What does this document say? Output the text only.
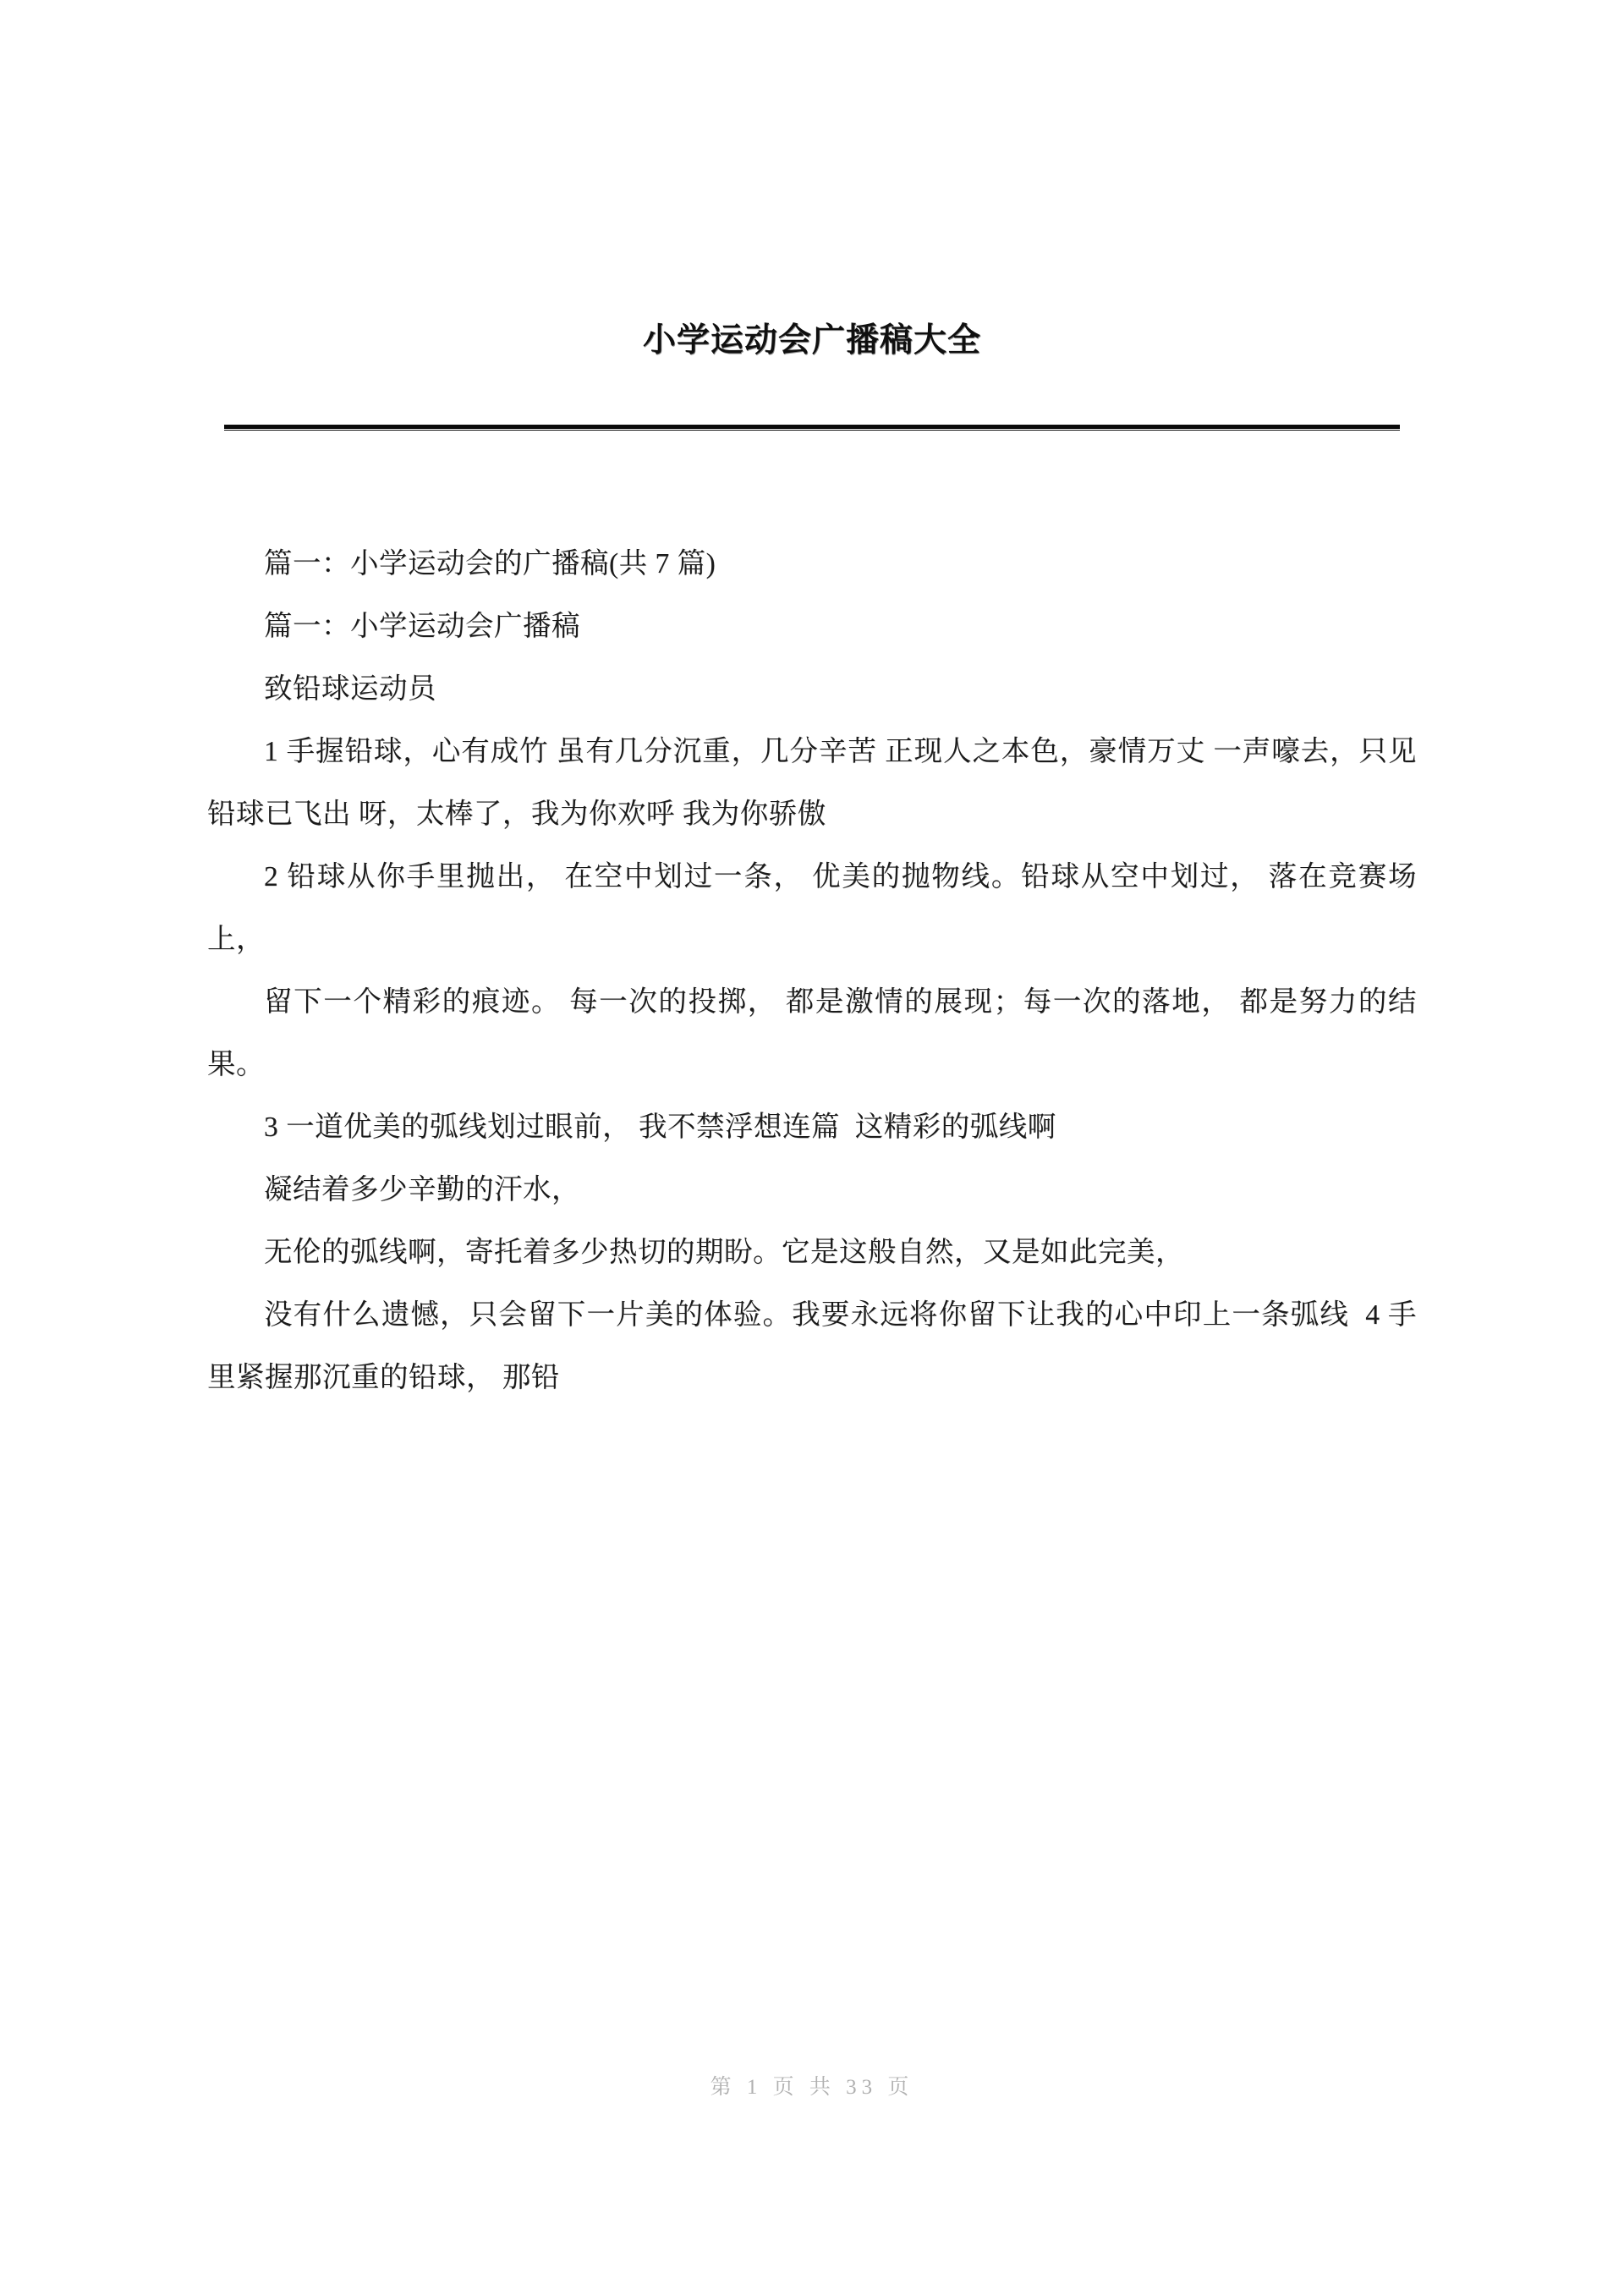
小学运动会广播稿大全

篇一：小学运动会的广播稿(共 7 篇)

篇一：小学运动会广播稿

致铅球运动员

1 手握铅球，心有成竹 虽有几分沉重，几分辛苦 正现人之本色，豪情万丈 一声嚎去，只见铅球已飞出 呀，太棒了，我为你欢呼 我为你骄傲

2 铅球从你手里抛出， 在空中划过一条， 优美的抛物线。铅球从空中划过， 落在竞赛场上，

留下一个精彩的痕迹。 每一次的投掷， 都是激情的展现；每一次的落地， 都是努力的结果。

3 一道优美的弧线划过眼前， 我不禁浮想连篇  这精彩的弧线啊

凝结着多少辛勤的汗水，

无伦的弧线啊，寄托着多少热切的期盼。它是这般自然，又是如此完美，

没有什么遗憾，只会留下一片美的体验。我要永远将你留下让我的心中印上一条弧线  4 手里紧握那沉重的铅球， 那铅

第 1 页 共 33 页
